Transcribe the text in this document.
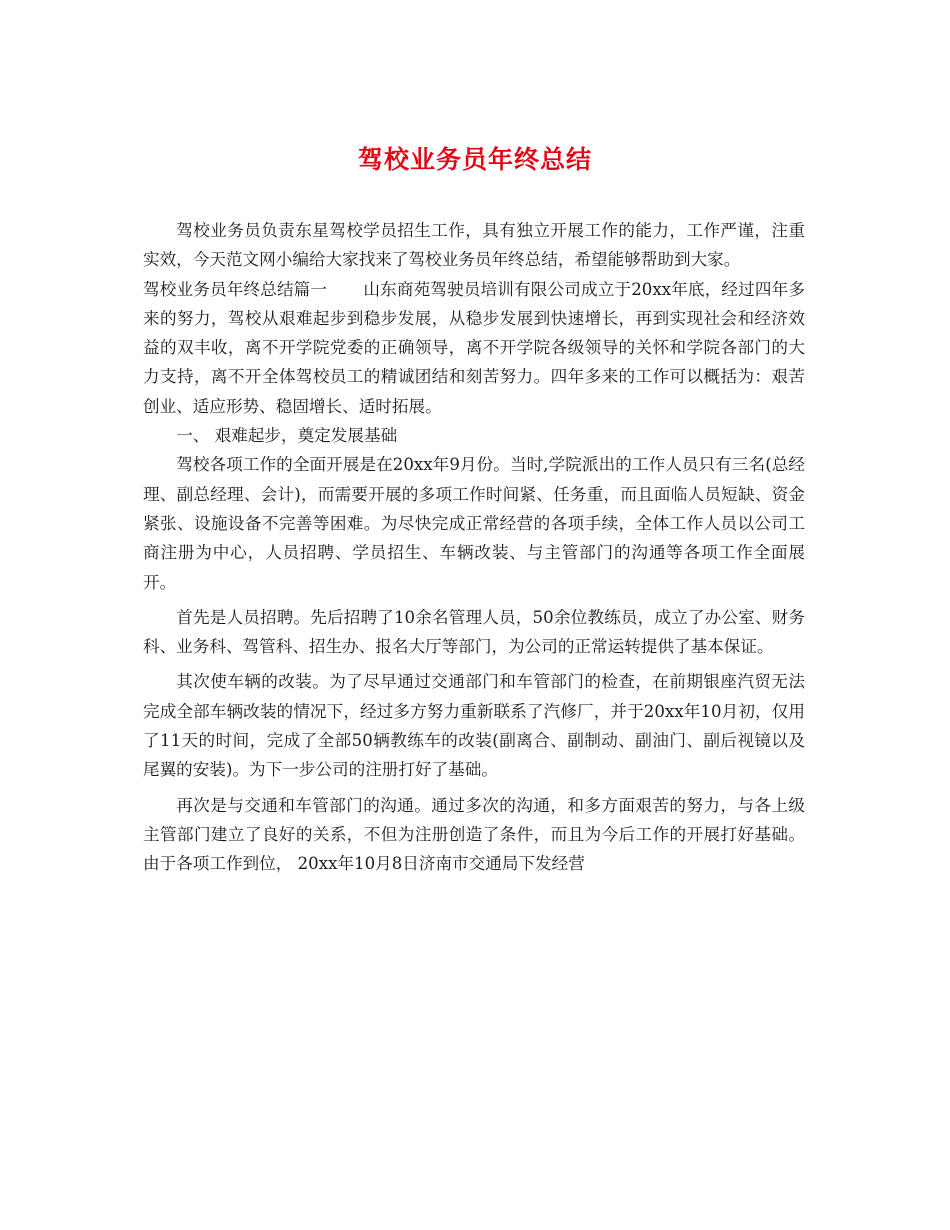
驾校业务员年终总结

驾校业务员负责东星驾校学员招生工作，具有独立开展工作的能力，工作严谨，注重实效，今天范文网小编给大家找来了驾校业务员年终总结，希望能够帮助到大家。

驾校业务员年终总结篇一 山东商苑驾驶员培训有限公司成立于20xx年底，经过四年多来的努力，驾校从艰难起步到稳步发展，从稳步发展到快速增长，再到实现社会和经济效益的双丰收，离不开学院党委的正确领导，离不开学院各级领导的关怀和学院各部门的大力支持，离不开全体驾校员工的精诚团结和刻苦努力。四年多来的工作可以概括为：艰苦创业、适应形势、稳固增长、适时拓展。

一、 艰难起步，奠定发展基础

驾校各项工作的全面开展是在20xx年9月份。当时,学院派出的工作人员只有三名(总经理、副总经理、会计)，而需要开展的多项工作时间紧、任务重，而且面临人员短缺、资金紧张、设施设备不完善等困难。为尽快完成正常经营的各项手续，全体工作人员以公司工商注册为中心，人员招聘、学员招生、车辆改装、与主管部门的沟通等各项工作全面展开。

首先是人员招聘。先后招聘了10余名管理人员，50余位教练员，成立了办公室、财务科、业务科、驾管科、招生办、报名大厅等部门，为公司的正常运转提供了基本保证。

其次使车辆的改装。为了尽早通过交通部门和车管部门的检查，在前期银座汽贸无法完成全部车辆改装的情况下，经过多方努力重新联系了汽修厂，并于20xx年10月初，仅用了11天的时间，完成了全部50辆教练车的改装(副离合、副制动、副油门、副后视镜以及尾翼的安装)。为下一步公司的注册打好了基础。

再次是与交通和车管部门的沟通。通过多次的沟通，和多方面艰苦的努力，与各上级主管部门建立了良好的关系，不但为注册创造了条件，而且为今后工作的开展打好基础。由于各项工作到位， 20xx年10月8日济南市交通局下发经营
